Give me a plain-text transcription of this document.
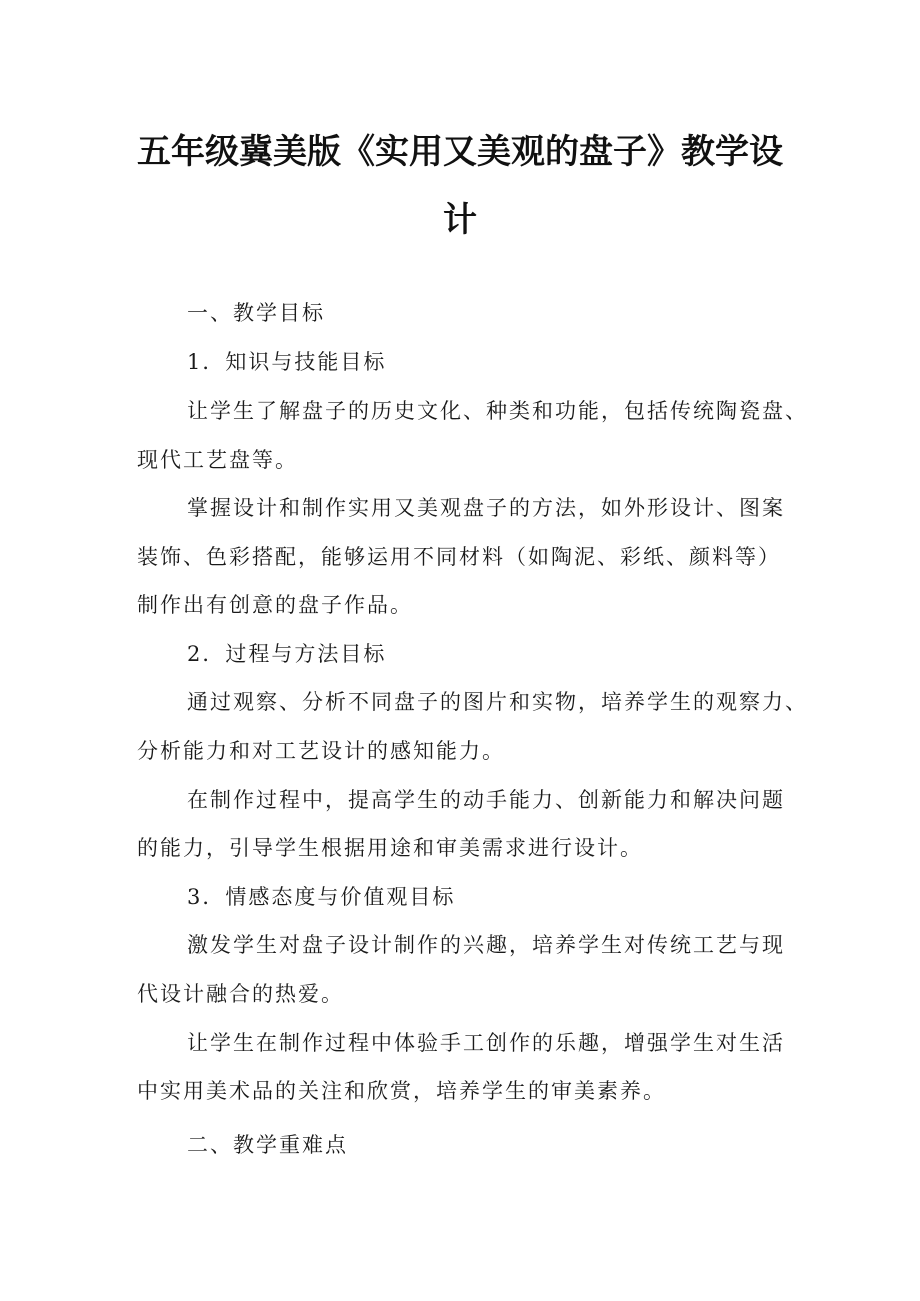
五年级冀美版《实用又美观的盘子》教学设
计
一、教学目标
1．知识与技能目标
让学生了解盘子的历史文化、种类和功能，包括传统陶瓷盘、
现代工艺盘等。
掌握设计和制作实用又美观盘子的方法，如外形设计、图案
装饰、色彩搭配，能够运用不同材料（如陶泥、彩纸、颜料等）
制作出有创意的盘子作品。
2．过程与方法目标
通过观察、分析不同盘子的图片和实物，培养学生的观察力、
分析能力和对工艺设计的感知能力。
在制作过程中，提高学生的动手能力、创新能力和解决问题
的能力，引导学生根据用途和审美需求进行设计。
3．情感态度与价值观目标
激发学生对盘子设计制作的兴趣，培养学生对传统工艺与现
代设计融合的热爱。
让学生在制作过程中体验手工创作的乐趣，增强学生对生活
中实用美术品的关注和欣赏，培养学生的审美素养。
二、教学重难点
